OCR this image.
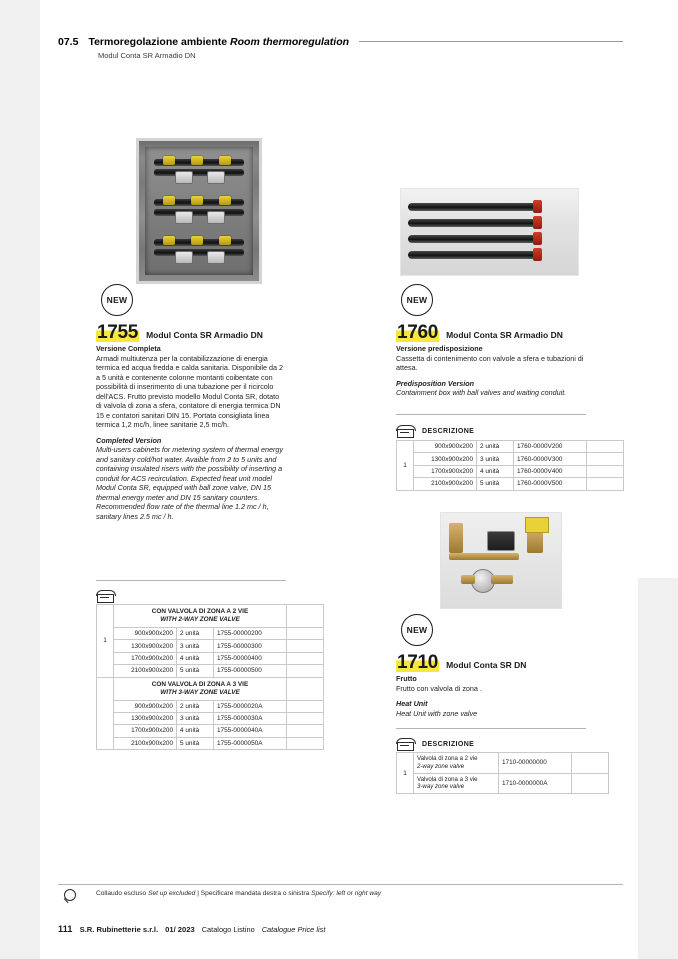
07.5 Termoregolazione ambiente Room thermoregulation
Modul Conta SR Armadio DN
NEW	NEW
NEW
1755 Modul Conta SR Armadio DN	1760 Modul Conta SR Armadio DN
1710 Modul Conta SR DN

Versione Completa

Armadi multiutenza per la contabilizzazione di energia termica ed acqua fredda e calda sanitaria. Disponibile da 2 a 5 unità e contenente colonne montanti coibentate con possibilità di inserimento di una tubazione per il ricircolo dell'ACS. Frutto previsto modello Modul Conta SR, dotato di valvola di zona a sfera, contatore di energia termica DN 15 e contatori sanitari DIN 15. Portata consigliata linea termica 1,2 mc/h, linee sanitarie 2,5 mc/h.

Completed Version

Multi-users cabinets for metering system of thermal energy and sanitary cold/hot water. Avaible from 2 to 5 units and containing insulated risers with the possibility of inserting a conduit for ACS recirculation. Expected heat unit model Modul Conta SR, equipped with ball zone valve, DN 15 thermal energy meter and DN 15 sanitary counters. Recommended flow rate of the thermal line 1.2 mc / h, sanitary lines 2.5 mc / h.

Versione predisposizione

Cassetta di contenimento con valvole a sfera e tubazioni di attesa.

Predisposition Version

Containment box with ball valves and waiting conduit.

Frutto

Frutto con valvola di zona .

Heat Unit

Heat Unit with zone valve

DESCRIZIONE
DESCRIZIONE
1	CON VALVOLA DI ZONA A 2 VIE
WITH 2-WAY ZONE VALVE			
	900x900x200	2 unità	1755-00000200	
	1300x900x200	3 unità	1755-00000300	
	1700x900x200	4 unità	1755-00000400	
	2100x900x200	5 unità	1755-00000500	
	CON VALVOLA DI ZONA A 3 VIE
WITH 3-WAY ZONE VALVE			
	900x900x200	2 unità	1755-0000020A	
	1300x900x200	3 unità	1755-0000030A	
	1700x900x200	4 unità	1755-0000040A	
	2100x900x200	5 unità	1755-0000050A	
1	900x900x200	2 unità	1760-0000V200	
	1300x900x200	3 unità	1760-0000V300	
	1700x900x200	4 unità	1760-0000V400	
	2100x900x200	5 unità	1760-0000V500	
1	Valvola di zona a 2 vie
2-way zone valve	1710-00000000	
	Valvola di zona a 3 vie
3-way zone valve	1710-0000000A	
Collaudo escluso Set up excluded | Specificare mandata destra o sinistra Specify: left or right way
111 S.R. Rubinetterie s.r.l. 01/ 2023 Catalogo Listino Catalogue Price list
